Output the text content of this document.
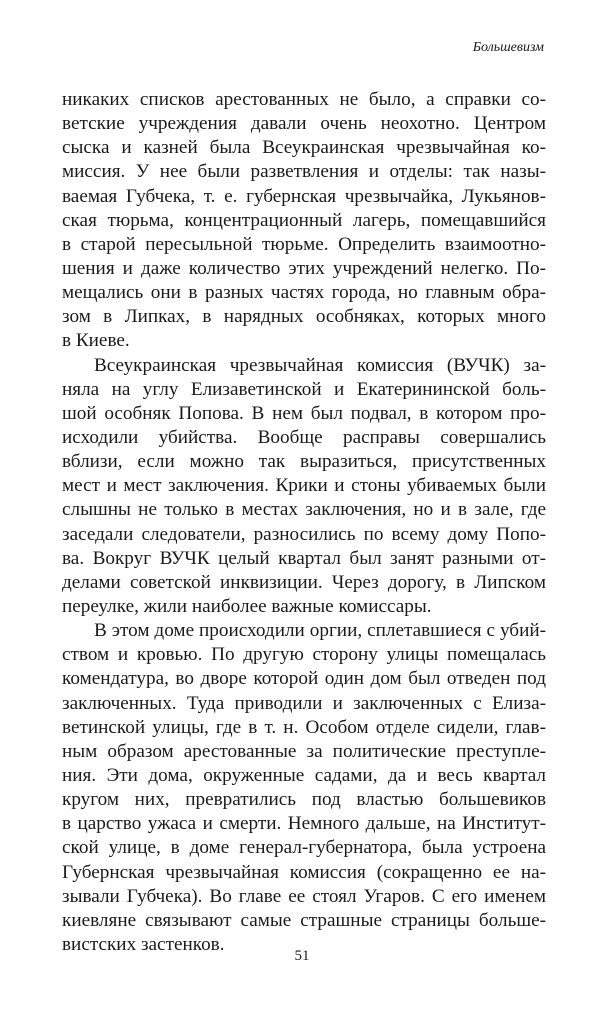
Большевизм
никаких списков арестованных не было, а справки со-
ветские учреждения давали очень неохотно. Центром
сыска и казней была Всеукраинская чрезвычайная ко-
миссия. У нее были разветвления и отделы: так назы-
ваемая Губчека, т. е. губернская чрезвычайка, Лукьянов-
ская тюрьма, концентрационный лагерь, помещавшийся
в старой пересыльной тюрьме. Определить взаимоотно-
шения и даже количество этих учреждений нелегко. По-
мещались они в разных частях города, но главным обра-
зом в Липках, в нарядных особняках, которых много
в Киеве.
Всеукраинская чрезвычайная комиссия (ВУЧК) за-
няла на углу Елизаветинской и Екатерининской боль-
шой особняк Попова. В нем был подвал, в котором про-
исходили убийства. Вообще расправы совершались
вблизи, если можно так выразиться, присутственных
мест и мест заключения. Крики и стоны убиваемых были
слышны не только в местах заключения, но и в зале, где
заседали следователи, разносились по всему дому Попо-
ва. Вокруг ВУЧК целый квартал был занят разными от-
делами советской инквизиции. Через дорогу, в Липском
переулке, жили наиболее важные комиссары.
В этом доме происходили оргии, сплетавшиеся с убий-
ством и кровью. По другую сторону улицы помещалась
комендатура, во дворе которой один дом был отведен под
заключенных. Туда приводили и заключенных с Елиза-
ветинской улицы, где в т. н. Особом отделе сидели, глав-
ным образом арестованные за политические преступле-
ния. Эти дома, окруженные садами, да и весь квартал
кругом них, превратились под властью большевиков
в царство ужаса и смерти. Немного дальше, на Институт-
ской улице, в доме генерал-губернатора, была устроена
Губернская чрезвычайная комиссия (сокращенно ее на-
зывали Губчека). Во главе ее стоял Угаров. С его именем
киевляне связывают самые страшные страницы больше-
вистских застенков.
51
